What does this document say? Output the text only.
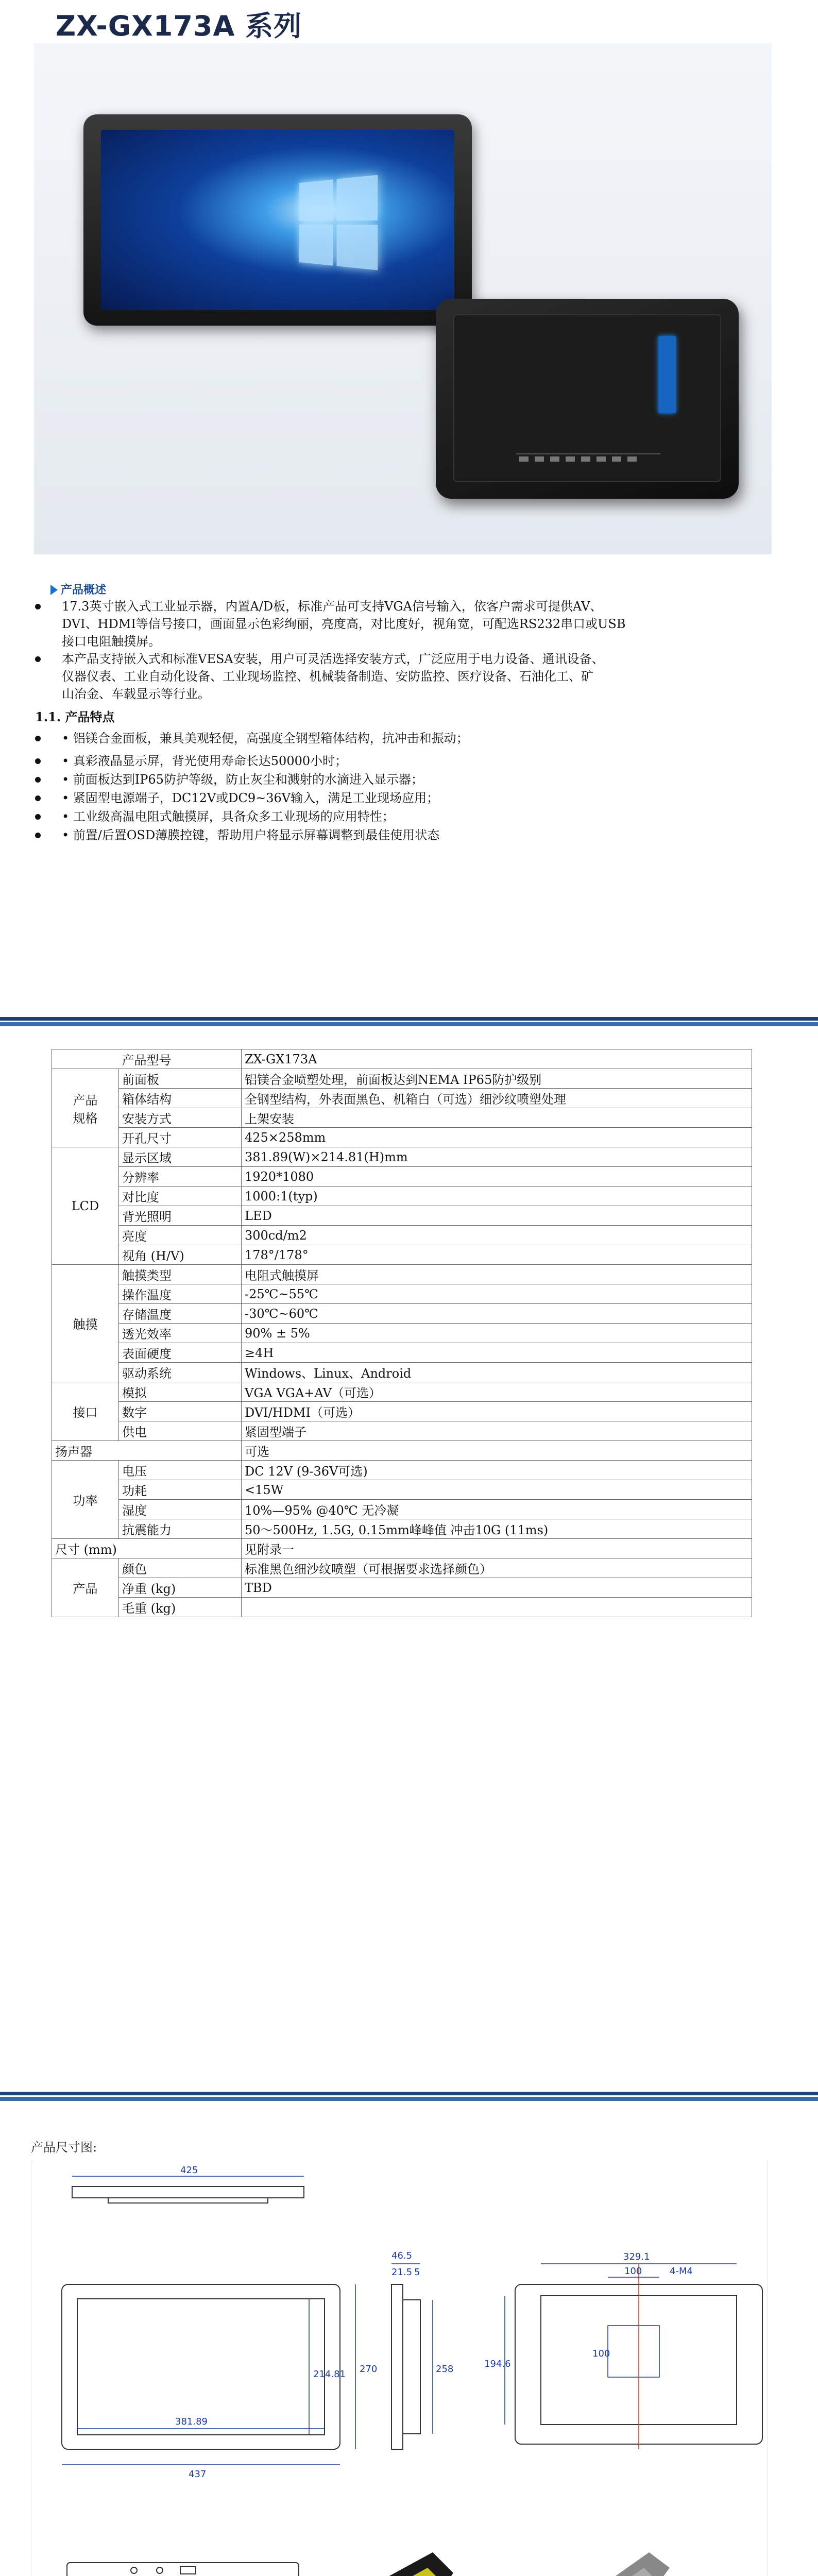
ZX-GX173A 系列
产品概述
17.3英寸嵌入式工业显示器，内置A/D板，标准产品可支持VGA信号输入，依客户需求可提供AV、
DVI、HDMI等信号接口，画面显示色彩绚丽，亮度高，对比度好，视角宽，可配选RS232串口或USB
接口电阻触摸屏。
本产品支持嵌入式和标准VESA安装，用户可灵活选择安装方式，广泛应用于电力设备、通讯设备、
仪器仪表、工业自动化设备、工业现场监控、机械装备制造、安防监控、医疗设备、石油化工、矿
山冶金、车载显示等行业。
1.1. 产品特点
• 铝镁合金面板，兼具美观轻便，高强度全钢型箱体结构，抗冲击和振动；
• 真彩液晶显示屏，背光使用寿命长达50000小时；
• 前面板达到IP65防护等级，防止灰尘和溅射的水滴进入显示器；
• 紧固型电源端子，DC12V或DC9~36V输入，满足工业现场应用；
• 工业级高温电阻式触摸屏，具备众多工业现场的应用特性；
• 前置/后置OSD薄膜控键，帮助用户将显示屏幕调整到最佳使用状态
产品型号		ZX-GX173A
产品
规格	前面板	铝镁合金喷塑处理，前面板达到NEMA IP65防护级别
	箱体结构	全钢型结构，外表面黑色、机箱白（可选）细沙纹喷塑处理
	安装方式	上架安装
	开孔尺寸	425×258mm
LCD	显示区域	381.89(W)×214.81(H)mm
	分辨率	1920*1080
	对比度	1000:1(typ)
	背光照明	LED
	亮度	300cd/m2
	视角 (H/V)	178°/178°
触摸	触摸类型	电阻式触摸屏
	操作温度	-25℃~55℃
	存储温度	-30℃~60℃
	透光效率	90% ± 5%
	表面硬度	≥4H
	驱动系统	Windows、Linux、Android
接口	模拟	VGA VGA+AV（可选）
	数字	DVI/HDMI（可选）
	供电	紧固型端子
扬声器		可选
功率	电压	DC 12V (9-36V可选)
	功耗	<15W
	湿度	10%—95% @40℃ 无冷凝
	抗震能力	50～500Hz, 1.5G, 0.15mm峰峰值 冲击10G (11ms)
尺寸 (mm)		见附录一
产品	颜色	标准黑色细沙纹喷塑（可根据要求选择颜色）
	净重 (kg)	TBD
	毛重 (kg)	
产品尺寸图:
425
381.89
214.81
437
270
46.5
21.5 5
258
329.1
100	4-M4
194.6
100
